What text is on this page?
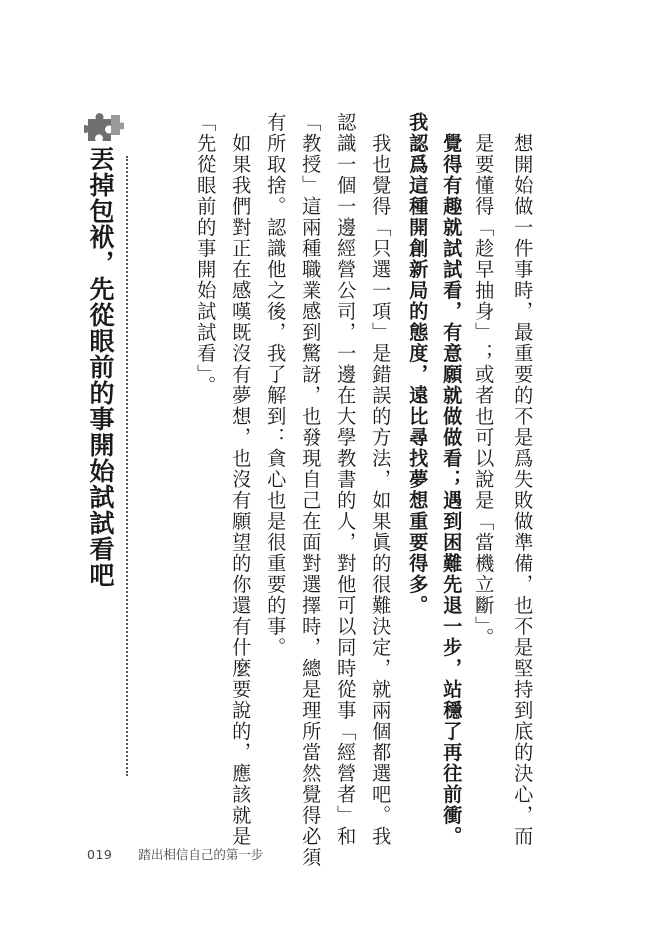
丟掉包袱，先從眼前的事開始試試看吧	想開始做一件事時，最重要的不是爲失敗做準備，也不是堅持到底的決心，而

是要懂得「趁早抽身」；或者也可以說是「當機立斷」。

覺得有趣就試試看，有意願就做做看；遇到困難先退一步，站穩了再往前衝。

我認爲這種開創新局的態度，遠比尋找夢想重要得多。

我也覺得「只選一項」是錯誤的方法，如果眞的很難決定，就兩個都選吧。我

認識一個一邊經營公司，一邊在大學教書的人，對他可以同時從事「經營者」和

「教授」這兩種職業感到驚訝，也發現自己在面對選擇時，總是理所當然覺得必須

有所取捨。認識他之後，我了解到：貪心也是很重要的事。

如果我們對正在感嘆既沒有夢想，也沒有願望的你還有什麼要說的，應該就是

「先從眼前的事開始試試看」。

019 踏出相信自己的第一步
